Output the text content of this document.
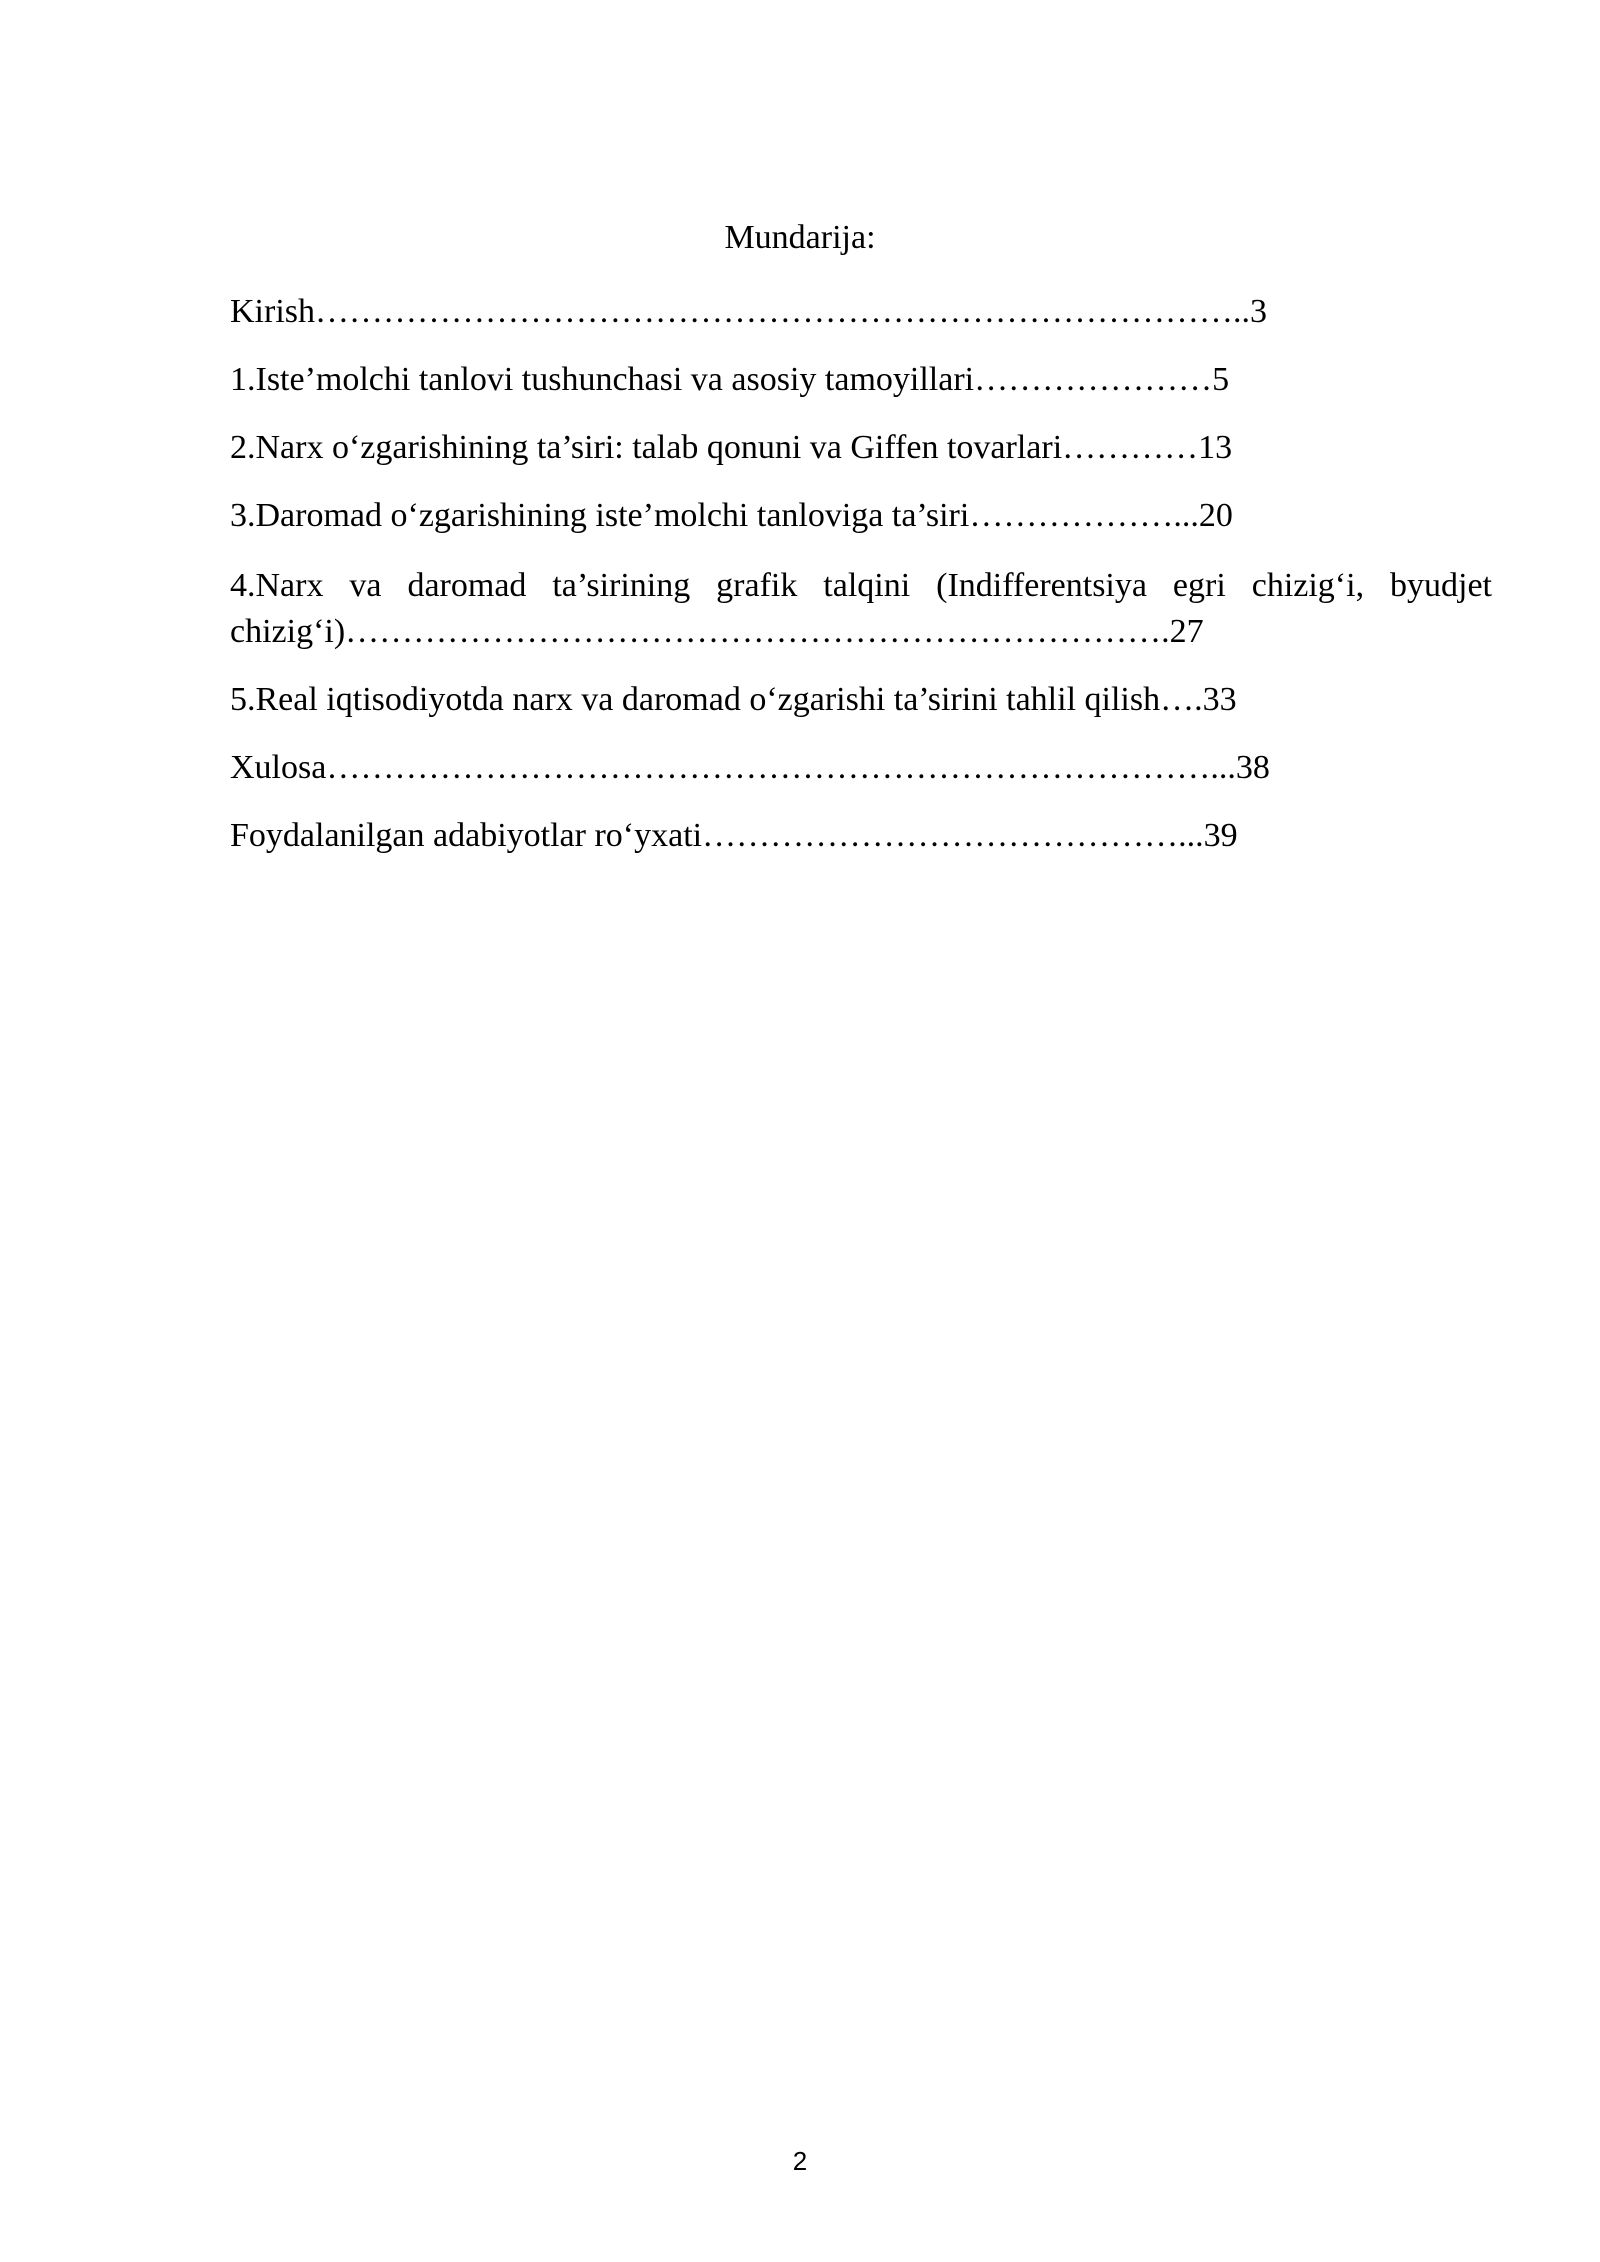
Mundarija:
Kirish………………………………………………………………………..3
1.Iste’molchi tanlovi tushunchasi va asosiy tamoyillari…………………5
2.Narx o‘zgarishining ta’siri: talab qonuni va Giffen tovarlari…………13
3.Daromad o‘zgarishining iste’molchi tanloviga ta’siri………………...20
4.Narx va daromad ta’sirining grafik talqini (Indifferentsiya egri chizig‘i, byudjet
chizig‘i)……………………………………………………………….27
5.Real iqtisodiyotda narx va daromad o‘zgarishi ta’sirini tahlil qilish….33
Xulosa……………………………………………………………………...38
Foydalanilgan adabiyotlar ro‘yxati……………………………………...39
2
